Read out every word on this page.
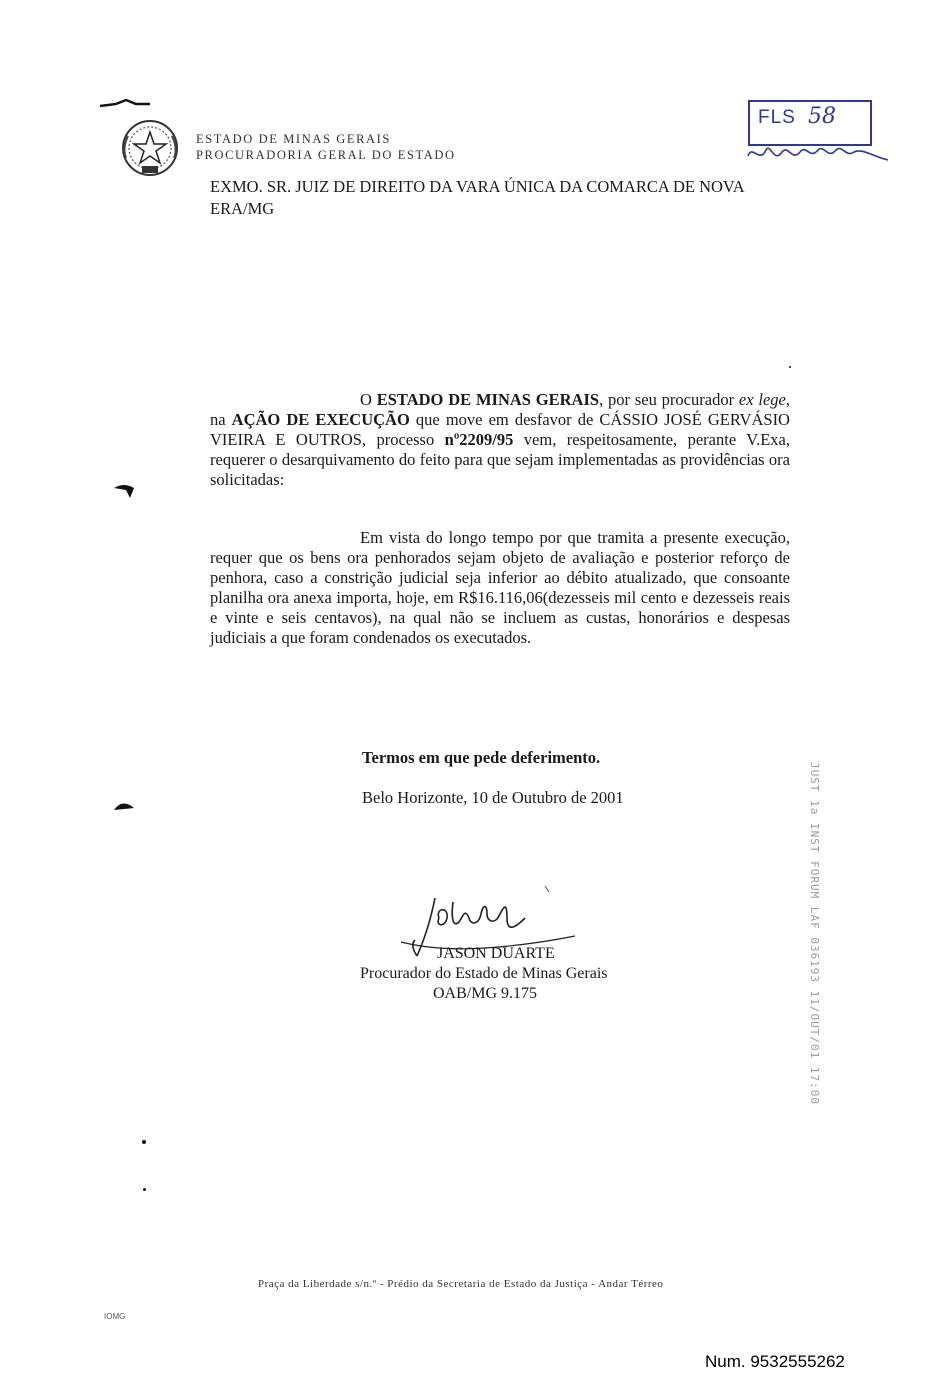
ESTADO DE MINAS GERAIS
PROCURADORIA GERAL DO ESTADO
FLS 58
EXMO. SR. JUIZ DE DIREITO DA VARA ÚNICA DA COMARCA DE NOVA ERA/MG
O ESTADO DE MINAS GERAIS, por seu procurador ex lege, na AÇÃO DE EXECUÇÃO que move em desfavor de CÁSSIO JOSÉ GERVÁSIO VIEIRA E OUTROS, processo nº2209/95 vem, respeitosamente, perante V.Exa, requerer o desarquivamento do feito para que sejam implementadas as providências ora solicitadas:
Em vista do longo tempo por que tramita a presente execução, requer que os bens ora penhorados sejam objeto de avaliação e posterior reforço de penhora, caso a constrição judicial seja inferior ao débito atualizado, que consoante planilha ora anexa importa, hoje, em R$16.116,06(dezesseis mil cento e dezesseis reais e vinte e seis centavos), na qual não se incluem as custas, honorários e despesas judiciais a que foram condenados os executados.
Termos em que pede deferimento.
Belo Horizonte, 10 de Outubro de 2001
JASON DUARTE
Procurador do Estado de Minas Gerais
OAB/MG 9.175	JUST 1a INST FORUM LAF 036193 11/OUT/01 17:00
Praça da Liberdade s/n.º - Prédio da Secretaria de Estado da Justiça - Andar Térreo
IOMG
Num. 9532555262
